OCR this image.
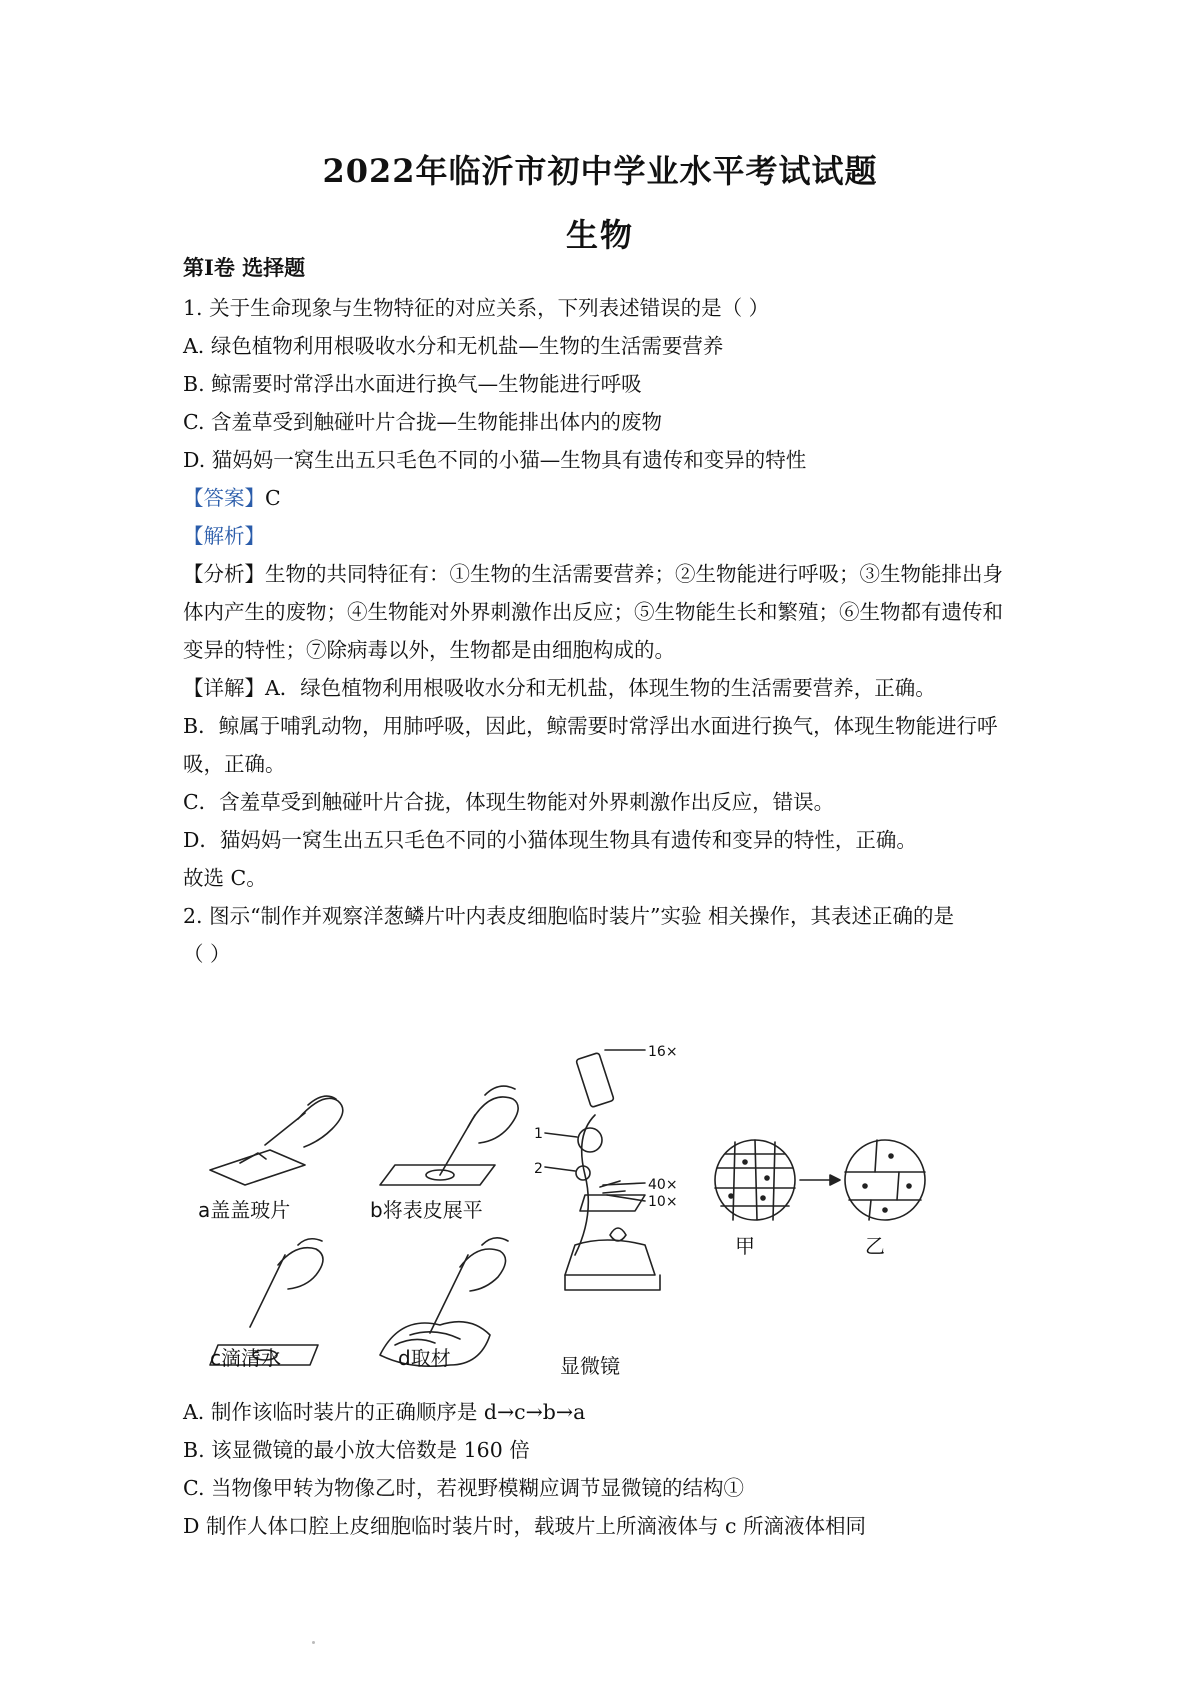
2022年临沂市初中学业水平考试试题
生物
第Ⅰ卷 选择题
1. 关于生命现象与生物特征的对应关系，下列表述错误的是（ ）
A. 绿色植物利用根吸收水分和无机盐—生物的生活需要营养
B. 鲸需要时常浮出水面进行换气—生物能进行呼吸
C. 含羞草受到触碰叶片合拢—生物能排出体内的废物
D. 猫妈妈一窝生出五只毛色不同的小猫—生物具有遗传和变异的特性
【答案】C
【解析】
【分析】生物的共同特征有：①生物的生活需要营养；②生物能进行呼吸；③生物能排出身
体内产生的废物；④生物能对外界刺激作出反应；⑤生物能生长和繁殖；⑥生物都有遗传和
变异的特性；⑦除病毒以外，生物都是由细胞构成的。
【详解】A．绿色植物利用根吸收水分和无机盐，体现生物的生活需要营养，正确。
B．鲸属于哺乳动物，用肺呼吸，因此，鲸需要时常浮出水面进行换气，体现生物能进行呼
吸，正确。
C．含羞草受到触碰叶片合拢，体现生物能对外界刺激作出反应，错误。
D．猫妈妈一窝生出五只毛色不同的小猫体现生物具有遗传和变异的特性，正确。
故选 C。
2. 图示“制作并观察洋葱鳞片叶内表皮细胞临时装片”实验 相关操作，其表述正确的是
（ ）
a盖盖玻片	b将表皮展平
c滴清水	d取材	显微镜
甲	乙
16×
40×
10×
1
2
A. 制作该临时装片的正确顺序是 d→c→b→a
B. 该显微镜的最小放大倍数是 160 倍
C. 当物像甲转为物像乙时，若视野模糊应调节显微镜的结构①
D 制作人体口腔上皮细胞临时装片时，载玻片上所滴液体与 c 所滴液体相同
